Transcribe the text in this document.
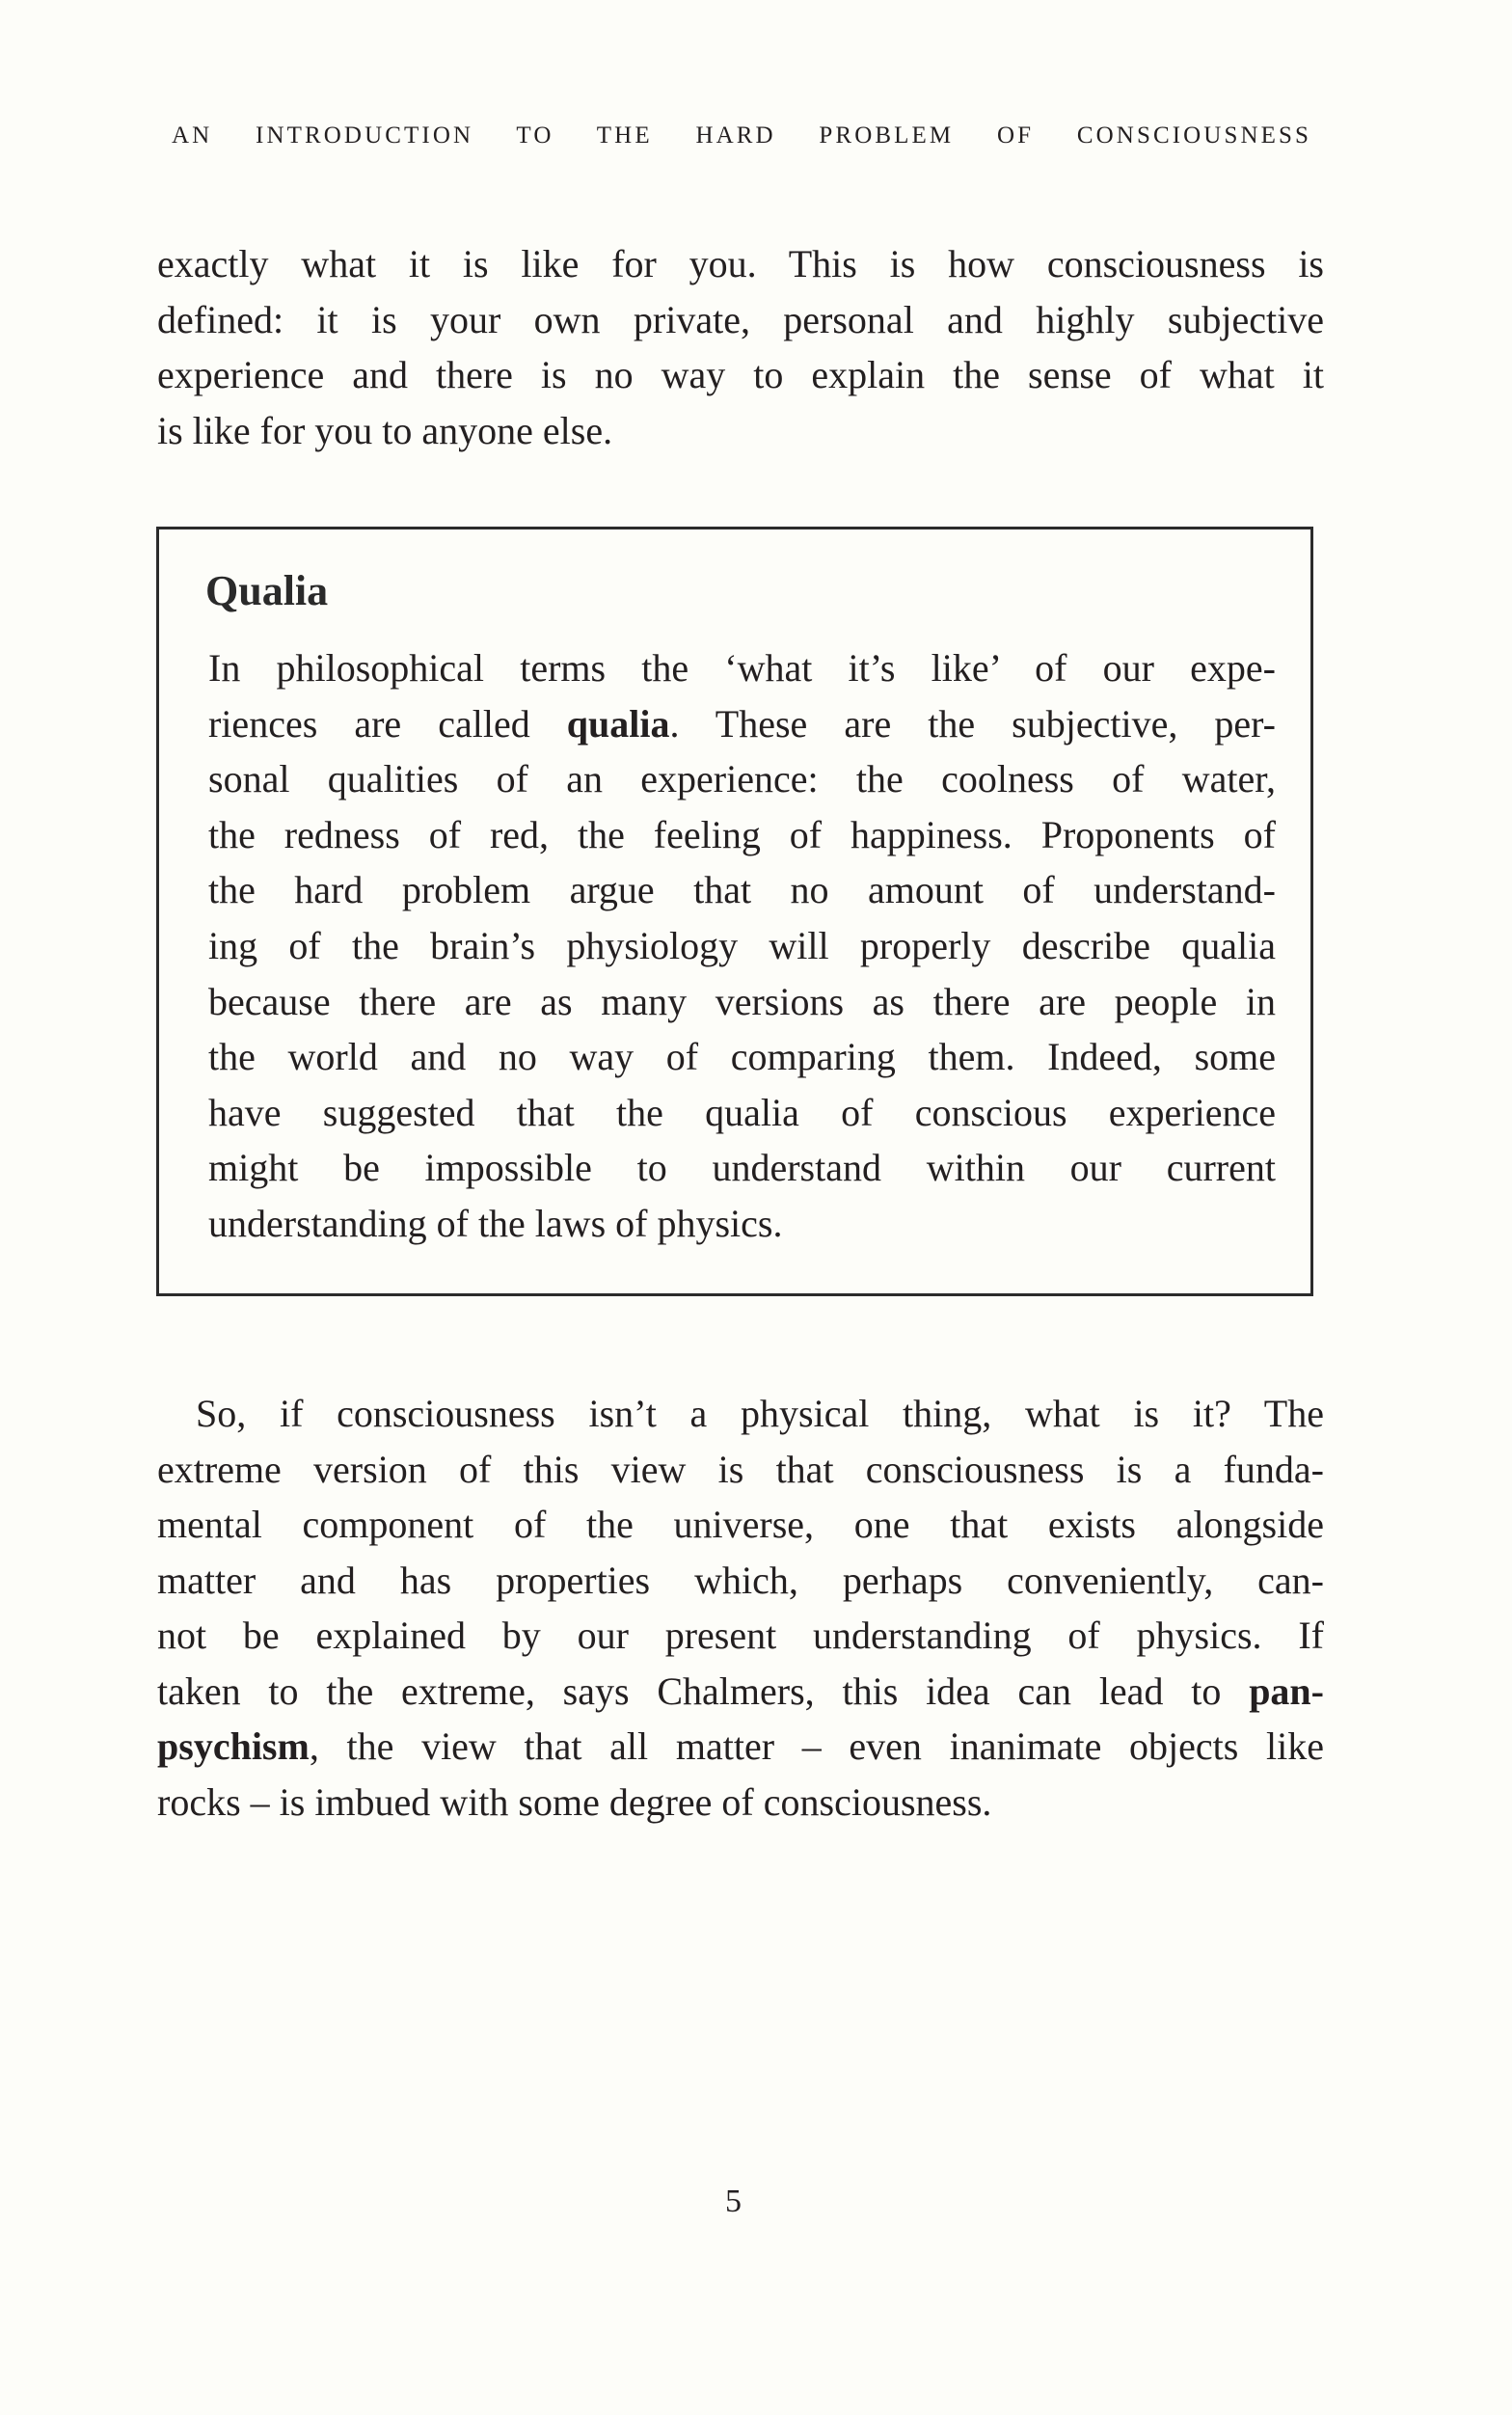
AN INTRODUCTION TO THE HARD PROBLEM OF CONSCIOUSNESS
exactly what it is like for you. This is how consciousness is
defined: it is your own private, personal and highly subjective
experience and there is no way to explain the sense of what it
is like for you to anyone else.
Qualia
In philosophical terms the ‘what it’s like’ of our expe-
riences are called qualia. These are the subjective, per-
sonal qualities of an experience: the coolness of water,
the redness of red, the feeling of happiness. Proponents of
the hard problem argue that no amount of understand-
ing of the brain’s physiology will properly describe qualia
because there are as many versions as there are people in
the world and no way of comparing them. Indeed, some
have suggested that the qualia of conscious experience
might be impossible to understand within our current
understanding of the laws of physics.
 So, if consciousness isn’t a physical thing, what is it? The
extreme version of this view is that consciousness is a funda-
mental component of the universe, one that exists alongside
matter and has properties which, perhaps conveniently, can-
not be explained by our present understanding of physics. If
taken to the extreme, says Chalmers, this idea can lead to pan-
psychism, the view that all matter – even inanimate objects like
rocks – is imbued with some degree of consciousness.
5
